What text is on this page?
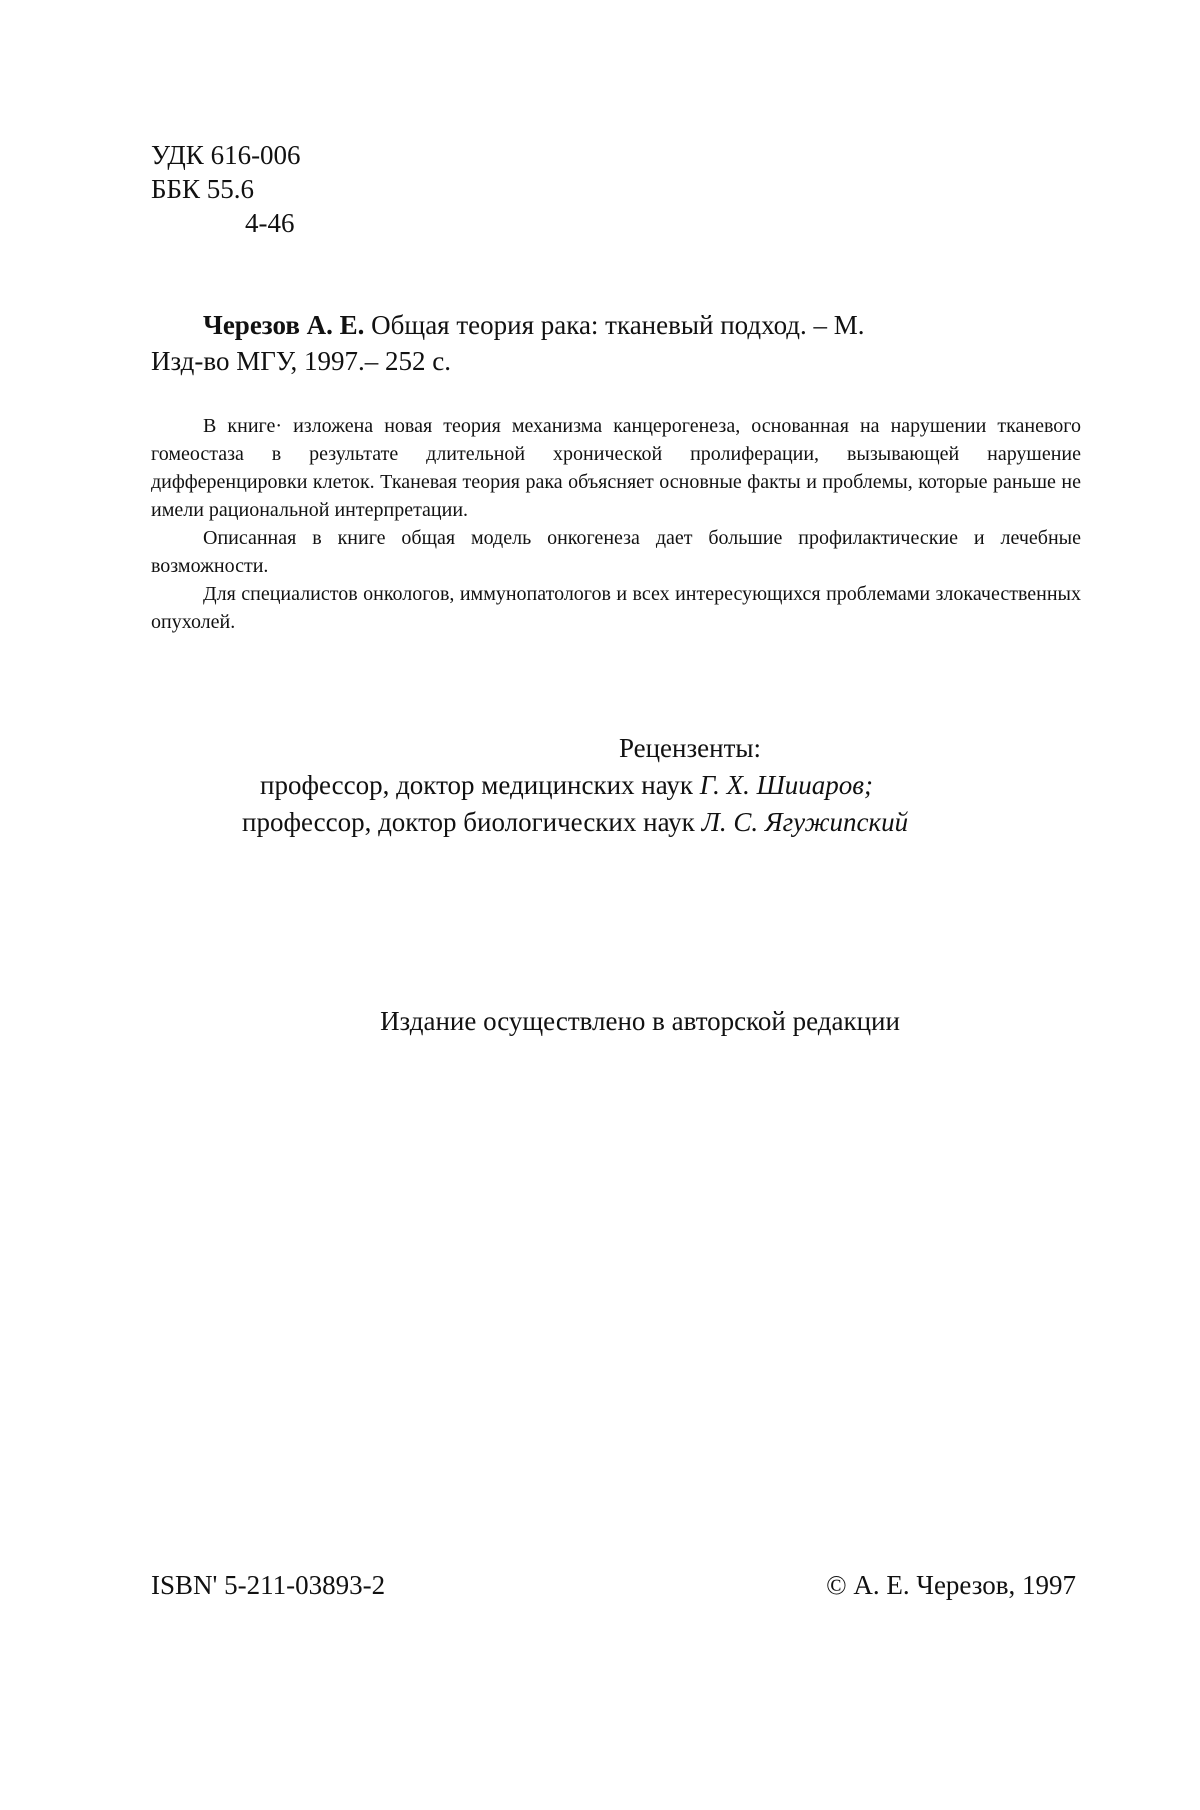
УДК 616-006
ББК 55.6
4-46
Черезов А. Е. Общая теория рака: тканевый подход. – М.
Изд-во МГУ, 1997.– 252 с.

В книге· изложена новая теория механизма канцерогенеза, основанная на нарушении тканевого гомеостаза в результате длительной хронической пролиферации, вызывающей нарушение дифференцировки клеток. Тканевая теория рака объясняет основные факты и проблемы, которые раньше не имели рациональной интерпретации.

Описанная в книге общая модель онкогенеза дает большие профилактические и лечебные возможности.

Для специалистов онкологов, иммунопатологов и всех интересующихся проблемами злокачественных опухолей.

Рецензенты:
профессор, доктор медицинских наук Г. Х. Шииаров;
профессор, доктор биологических наук Л. С. Ягужипский
Издание осуществлено в авторской редакции
ISBN' 5-211-03893-2	© А. Е. Черезов, 1997
